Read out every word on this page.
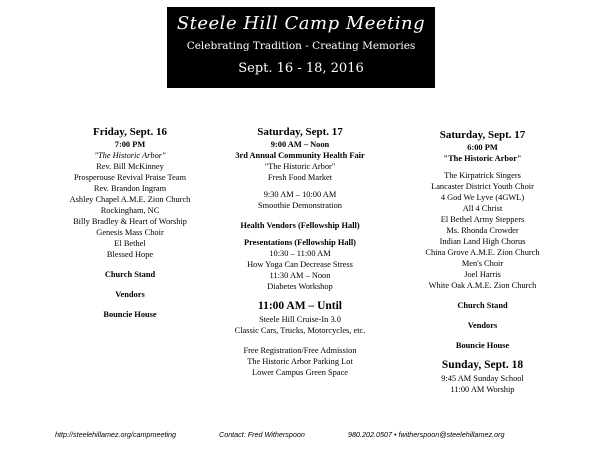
Steele Hill Camp Meeting
Celebrating Tradition - Creating Memories
Sept. 16 - 18, 2016
Friday, Sept. 16
7:00 PM
"The Historic Arbor"
Rev. Bill McKinney
Prosperouse Revival Praise Team
Rev. Brandon Ingram
Ashley Chapel A.M.E. Zion Church
Rockingham, NC
Billy Bradley & Heart of Worship
Genesis Mass Choir
El Bethel
Blessed Hope
Church Stand
Vendors
Bouncie House
Saturday, Sept. 17
9:00 AM – Noon
3rd Annual Community Health Fair
"The Historic Arbor"
Fresh Food Market
9:30 AM – 10:00 AM
Smoothie Demonstration
Health Vendors (Fellowship Hall)
Presentations (Fellowship Hall)
10:30 – 11:00 AM
How Yoga Can Decrease Stress
11:30 AM – Noon
Diabetes Workshop
11:00 AM – Until
Steele Hill Cruise-In 3.0
Classic Cars, Trucks, Motorcycles, etc.
Free Registration/Free Admission
The Historic Arbor Parking Lot
Lower Campus Green Space
Saturday, Sept. 17
6:00 PM
"The Historic Arbor"
The Kirpatrick Singers
Lancaster District Youth Choir
4 God We Lyve (4GWL)
All 4 Christ
El Bethel Army Steppers
Ms. Rhonda Crowder
Indian Land High Chorus
China Grove A.M.E. Zion Church
Men's Choir
Joel Harris
White Oak A.M.E. Zion Church
Church Stand
Vendors
Bouncie House
Sunday, Sept. 18
9:45 AM Sunday School
11:00 AM Worship
http://steelehillamez.org/campmeeting	Contact: Fred Witherspoon	980.202.0507 • fwitherspoon@steelehillamez.org
